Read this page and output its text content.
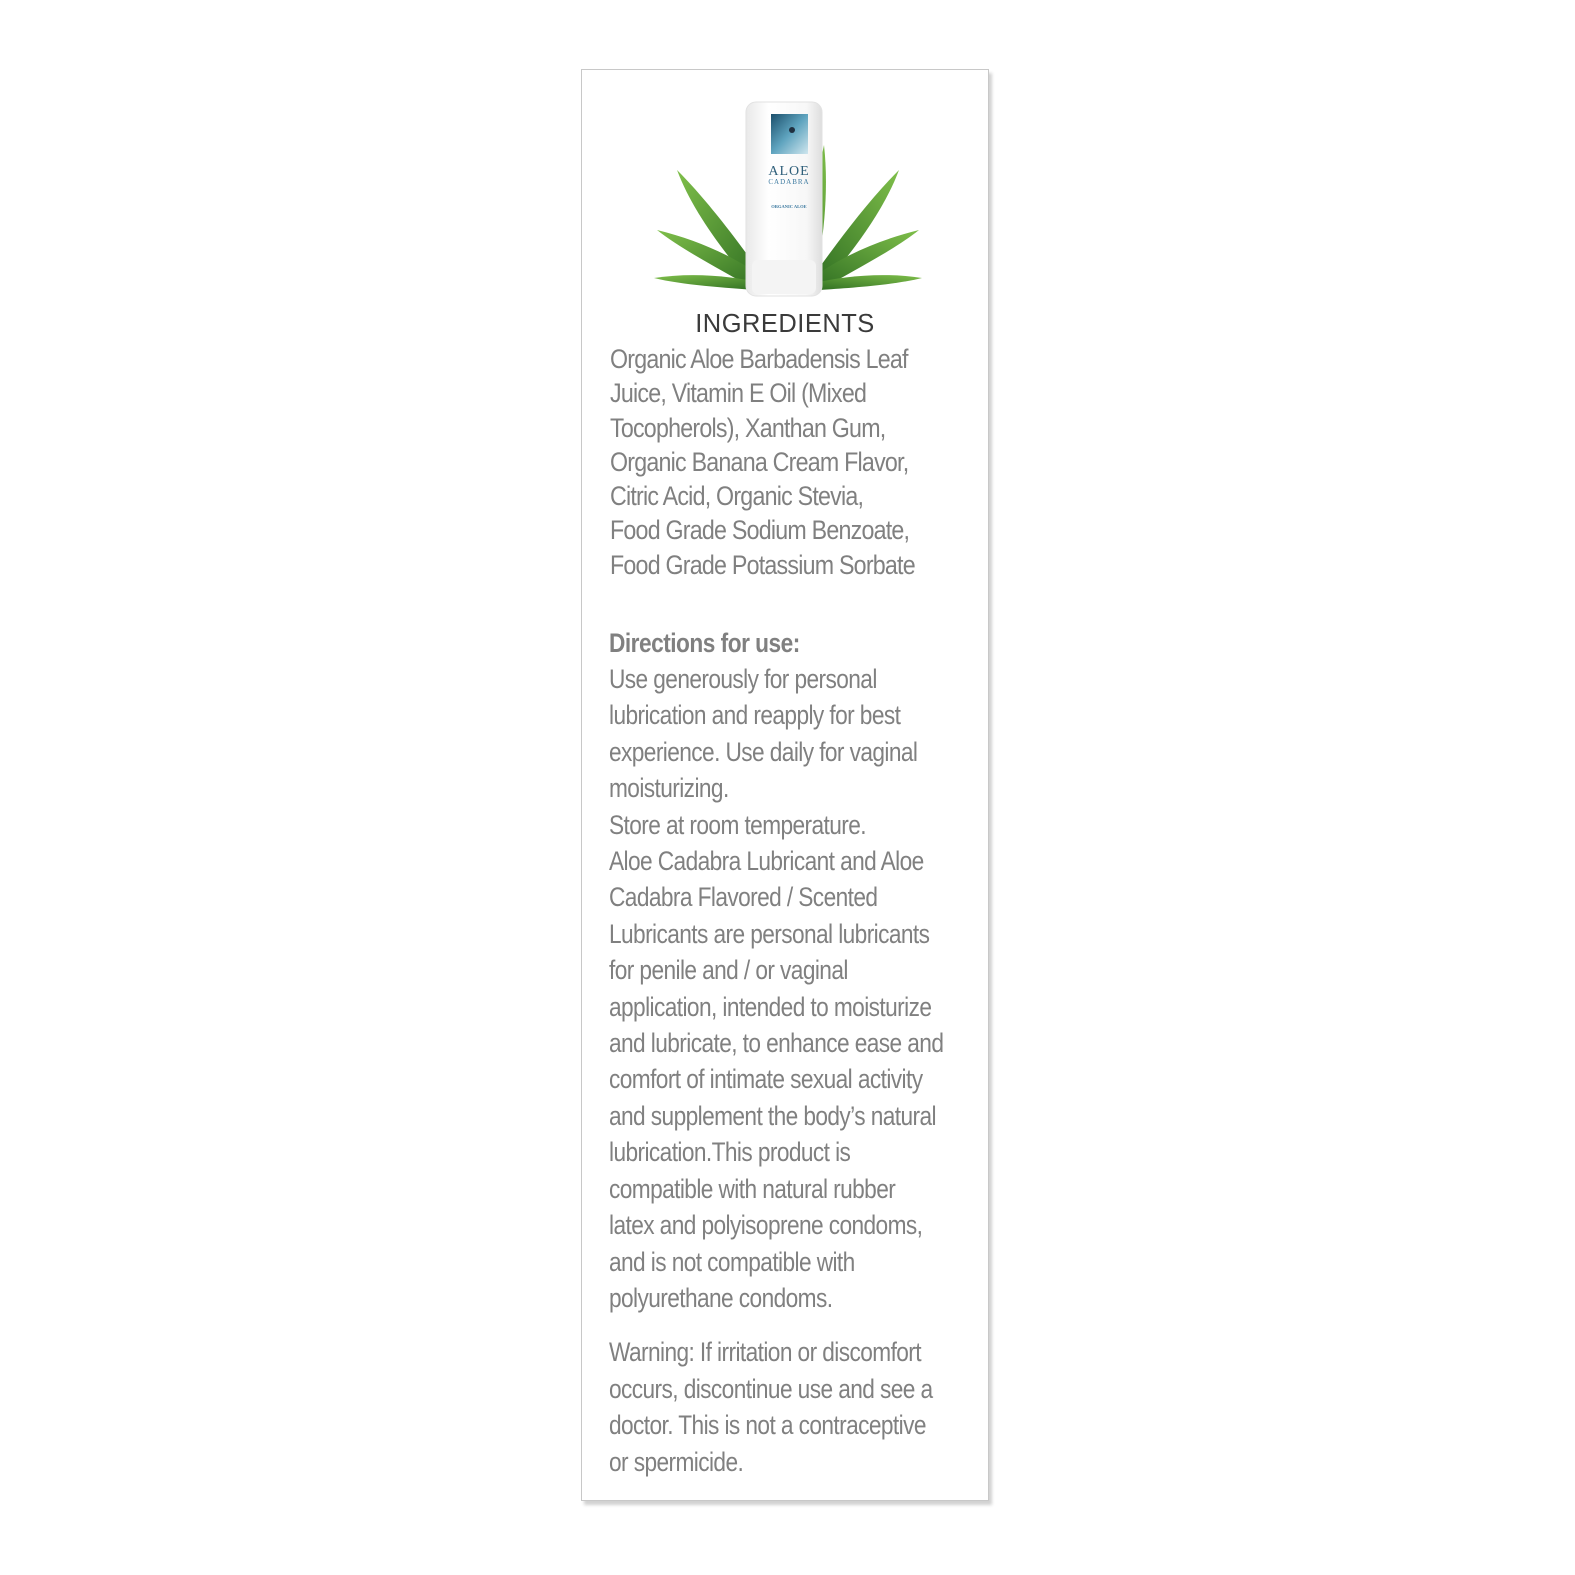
ALOE
CADABRA
ORGANIC ALOE
INGREDIENTS
Organic Aloe Barbadensis Leaf
Juice, Vitamin E Oil (Mixed
Tocopherols), Xanthan Gum,
Organic Banana Cream Flavor,
Citric Acid, Organic Stevia,
Food Grade Sodium Benzoate,
Food Grade Potassium Sorbate
Directions for use:
Use generously for personal
lubrication and reapply for best
experience. Use daily for vaginal
moisturizing.
Store at room temperature.
Aloe Cadabra Lubricant and Aloe
Cadabra Flavored / Scented
Lubricants are personal lubricants
for penile and / or vaginal
application, intended to moisturize
and lubricate, to enhance ease and
comfort of intimate sexual activity
and supplement the body’s natural
lubrication.This product is
compatible with natural rubber
latex and polyisoprene condoms,
and is not compatible with
polyurethane condoms.
Warning: If irritation or discomfort
occurs, discontinue use and see a
doctor. This is not a contraceptive
or spermicide.
